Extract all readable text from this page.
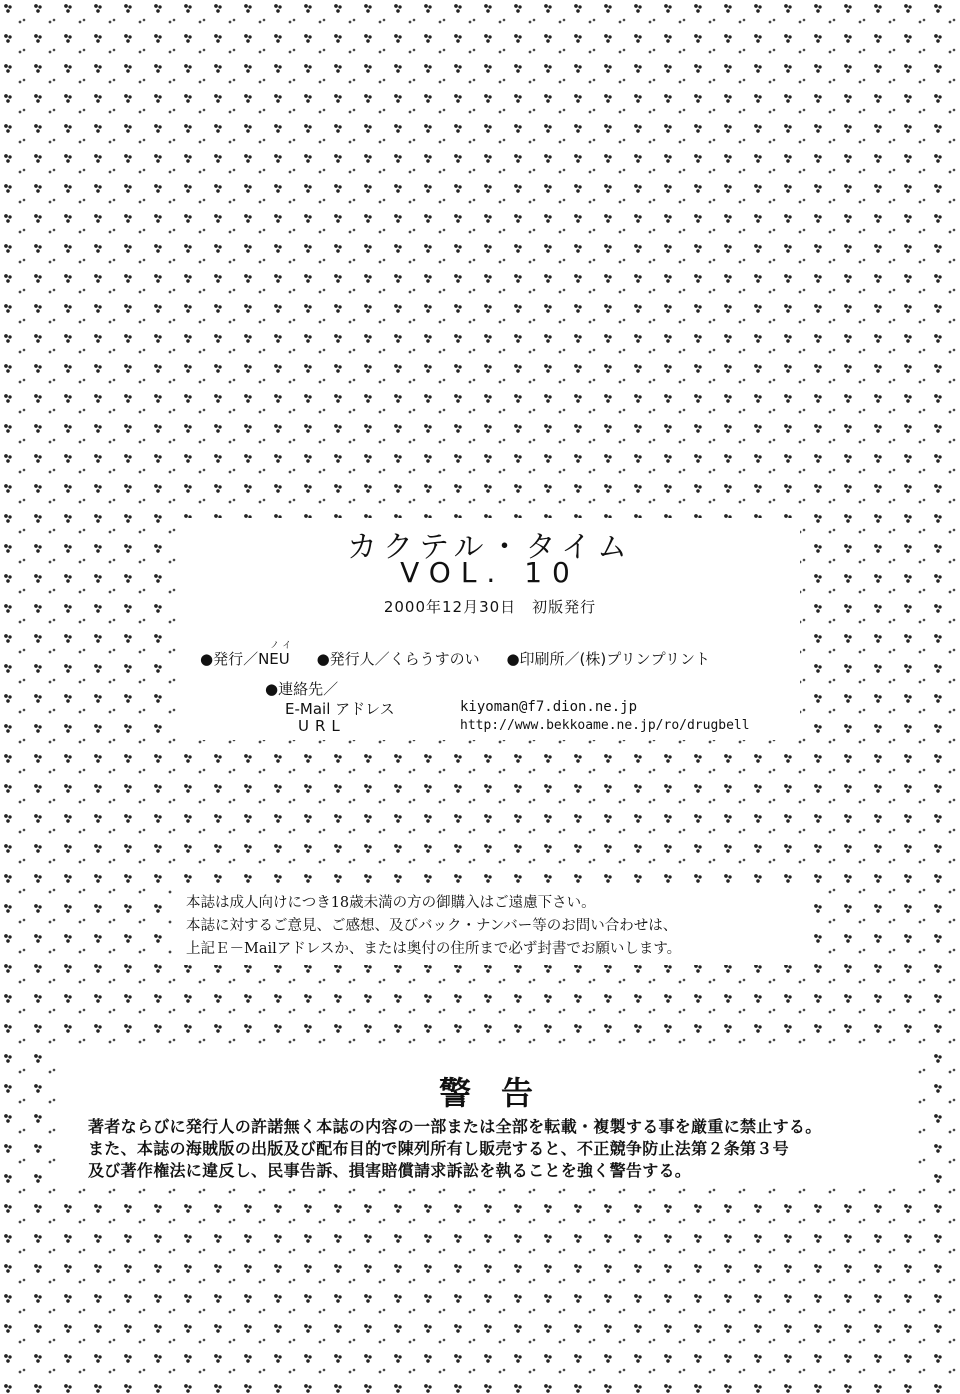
カクテル・タイム
VOL. 10
2000年12月30日　初版発行
ノイ
●発行／NEU ●発行人／くらうすのい ●印刷所／(株)プリンプリント
●連絡先／
E-Mail アドレス	kiyoman@f7.dion.ne.jp
URL	http://www.bekkoame.ne.jp/ro/drugbell
本誌は成人向けにつき18歳未満の方の御購入はご遠慮下さい。
本誌に対するご意見、ご感想、及びバック・ナンバー等のお問い合わせは、
上記Ｅ－Mailアドレスか、または奥付の住所まで必ず封書でお願いします。
警告
著者ならびに発行人の許諾無く本誌の内容の一部または全部を転載・複製する事を厳重に禁止する。
また、本誌の海賊版の出版及び配布目的で陳列所有し販売すると、不正競争防止法第２条第３号
及び著作権法に違反し、民事告訴、損害賠償請求訴訟を執ることを強く警告する。
